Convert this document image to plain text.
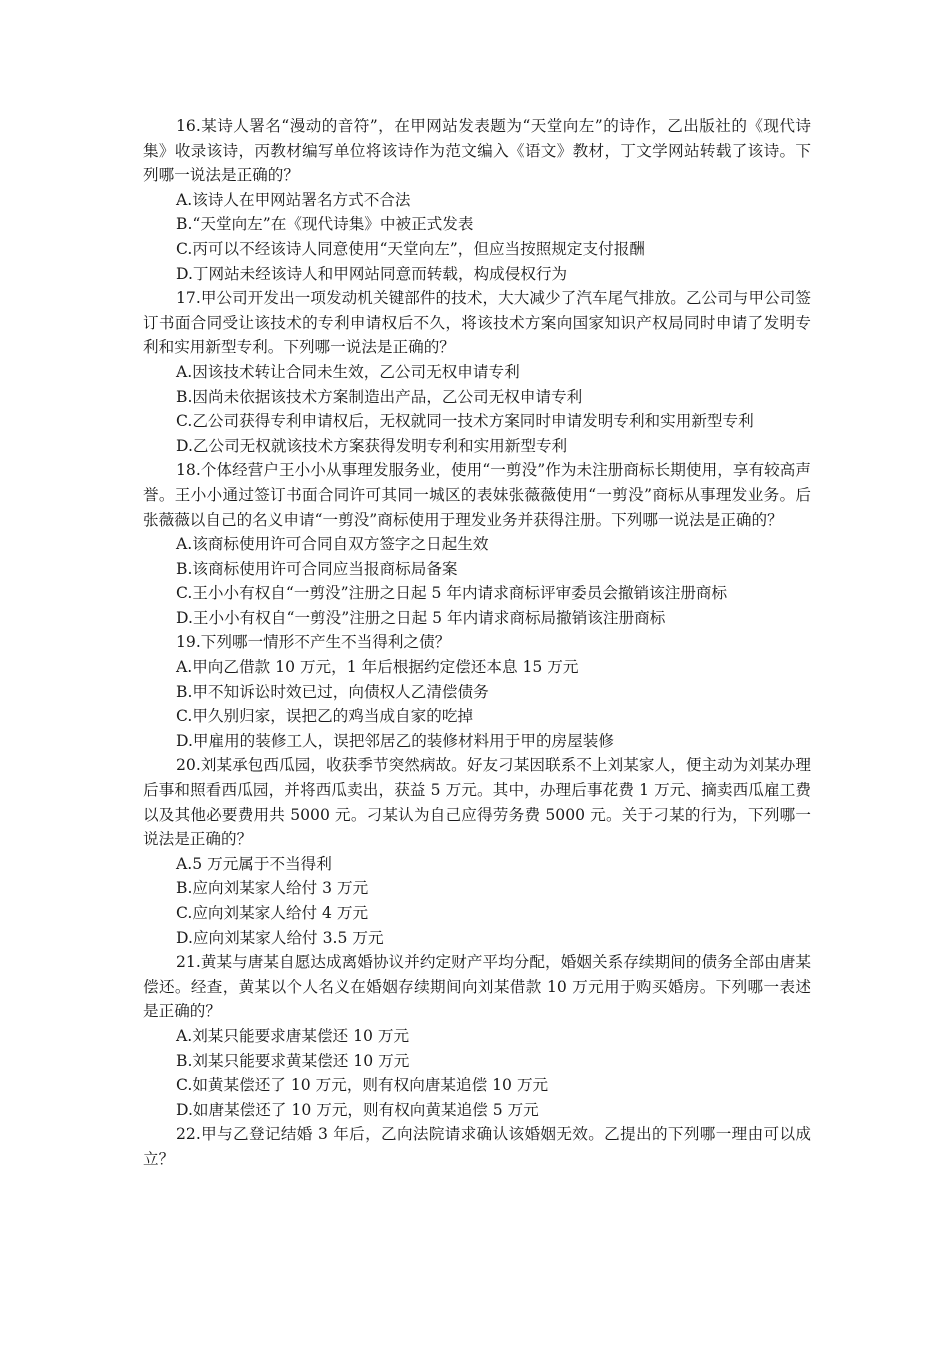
16.某诗人署名“漫动的音符”，在甲网站发表题为“天堂向左”的诗作，乙出版社的《现代诗集》收录该诗，丙教材编写单位将该诗作为范文编入《语文》教材，丁文学网站转载了该诗。下列哪一说法是正确的？

A.该诗人在甲网站署名方式不合法

B.“天堂向左”在《现代诗集》中被正式发表

C.丙可以不经该诗人同意使用“天堂向左”，但应当按照规定支付报酬

D.丁网站未经该诗人和甲网站同意而转载，构成侵权行为

17.甲公司开发出一项发动机关键部件的技术，大大减少了汽车尾气排放。乙公司与甲公司签订书面合同受让该技术的专利申请权后不久，将该技术方案向国家知识产权局同时申请了发明专利和实用新型专利。下列哪一说法是正确的？

A.因该技术转让合同未生效，乙公司无权申请专利

B.因尚未依据该技术方案制造出产品，乙公司无权申请专利

C.乙公司获得专利申请权后，无权就同一技术方案同时申请发明专利和实用新型专利

D.乙公司无权就该技术方案获得发明专利和实用新型专利

18.个体经营户王小小从事理发服务业，使用“一剪没”作为未注册商标长期使用，享有较高声誉。王小小通过签订书面合同许可其同一城区的表妹张薇薇使用“一剪没”商标从事理发业务。后张薇薇以自己的名义申请“一剪没”商标使用于理发业务并获得注册。下列哪一说法是正确的？

A.该商标使用许可合同自双方签字之日起生效

B.该商标使用许可合同应当报商标局备案

C.王小小有权自“一剪没”注册之日起 5 年内请求商标评审委员会撤销该注册商标

D.王小小有权自“一剪没”注册之日起 5 年内请求商标局撤销该注册商标

19.下列哪一情形不产生不当得利之债？

A.甲向乙借款 10 万元，1 年后根据约定偿还本息 15 万元

B.甲不知诉讼时效已过，向债权人乙清偿债务

C.甲久别归家，误把乙的鸡当成自家的吃掉

D.甲雇用的装修工人，误把邻居乙的装修材料用于甲的房屋装修

20.刘某承包西瓜园，收获季节突然病故。好友刁某因联系不上刘某家人，便主动为刘某办理后事和照看西瓜园，并将西瓜卖出，获益 5 万元。其中，办理后事花费 1 万元、摘卖西瓜雇工费以及其他必要费用共 5000 元。刁某认为自己应得劳务费 5000 元。关于刁某的行为，下列哪一说法是正确的？

A.5 万元属于不当得利

B.应向刘某家人给付 3 万元

C.应向刘某家人给付 4 万元

D.应向刘某家人给付 3.5 万元

21.黄某与唐某自愿达成离婚协议并约定财产平均分配，婚姻关系存续期间的债务全部由唐某偿还。经查，黄某以个人名义在婚姻存续期间向刘某借款 10 万元用于购买婚房。下列哪一表述是正确的？

A.刘某只能要求唐某偿还 10 万元

B.刘某只能要求黄某偿还 10 万元

C.如黄某偿还了 10 万元，则有权向唐某追偿 10 万元

D.如唐某偿还了 10 万元，则有权向黄某追偿 5 万元

22.甲与乙登记结婚 3 年后，乙向法院请求确认该婚姻无效。乙提出的下列哪一理由可以成立？
